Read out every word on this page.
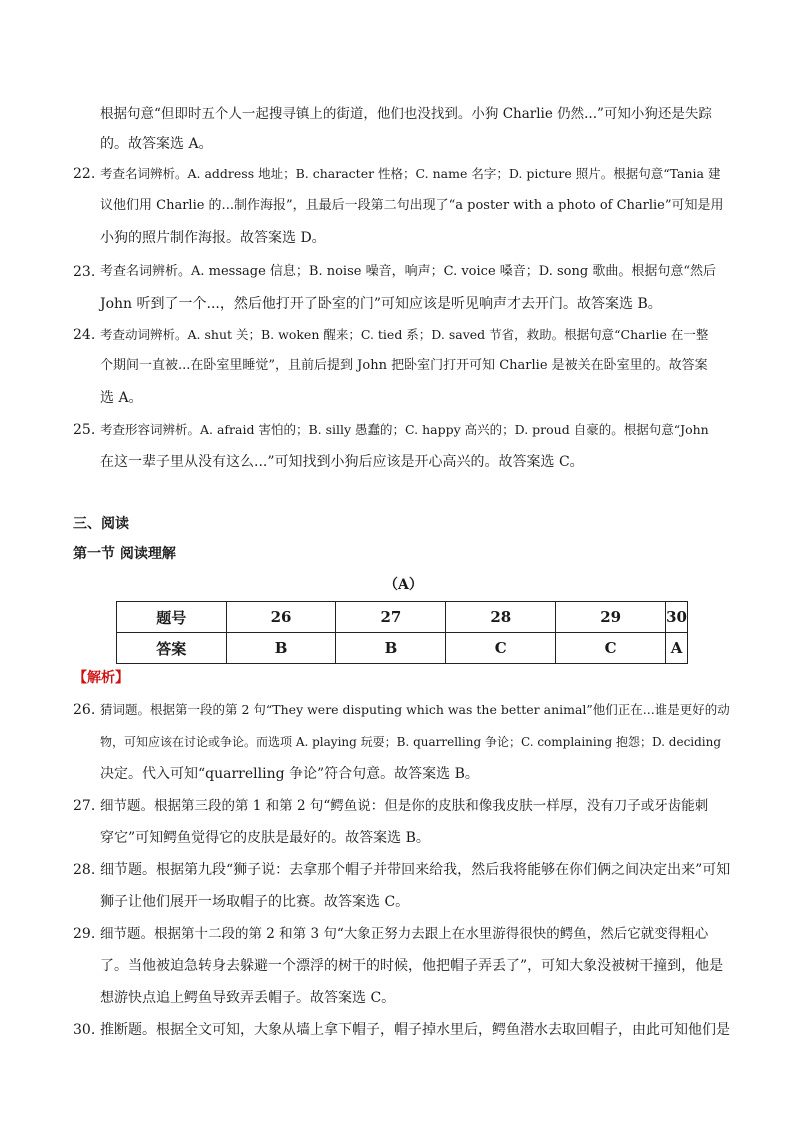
根据句意“但即时五个人一起搜寻镇上的街道，他们也没找到。小狗 Charlie 仍然...”可知小狗还是失踪
的。故答案选 A。
22. 考查名词辨析。A. address 地址；B. character 性格；C. name 名字；D. picture 照片。根据句意“Tania 建
议他们用 Charlie 的...制作海报”，且最后一段第二句出现了“a poster with a photo of Charlie”可知是用
小狗的照片制作海报。故答案选 D。
23. 考查名词辨析。A. message 信息；B. noise 噪音，响声；C. voice 嗓音；D. song 歌曲。根据句意“然后
John 听到了一个...，然后他打开了卧室的门”可知应该是听见响声才去开门。故答案选 B。
24. 考查动词辨析。A. shut 关；B. woken 醒来；C. tied 系；D. saved 节省，救助。根据句意“Charlie 在一整
个期间一直被...在卧室里睡觉”，且前后提到 John 把卧室门打开可知 Charlie 是被关在卧室里的。故答案
选 A。
25. 考查形容词辨析。A. afraid 害怕的；B. silly 愚蠢的；C. happy 高兴的；D. proud 自豪的。根据句意“John
在这一辈子里从没有这么...”可知找到小狗后应该是开心高兴的。故答案选 C。
三、阅读
第一节 阅读理解
（A）
题号	26	27	28	29	30
答案	B	B	C	C	A
【解析】
26. 猜词题。根据第一段的第 2 句“They were disputing which was the better animal”他们正在...谁是更好的动
物，可知应该在讨论或争论。而选项 A. playing 玩耍；B. quarrelling 争论；C. complaining 抱怨；D. deciding
决定。代入可知“quarrelling 争论”符合句意。故答案选 B。
27. 细节题。根据第三段的第 1 和第 2 句“鳄鱼说：但是你的皮肤和像我皮肤一样厚，没有刀子或牙齿能刺
穿它”可知鳄鱼觉得它的皮肤是最好的。故答案选 B。
28. 细节题。根据第九段“狮子说：去拿那个帽子并带回来给我，然后我将能够在你们俩之间决定出来”可知
狮子让他们展开一场取帽子的比赛。故答案选 C。
29. 细节题。根据第十二段的第 2 和第 3 句“大象正努力去跟上在水里游得很快的鳄鱼，然后它就变得粗心
了。当他被迫急转身去躲避一个漂浮的树干的时候，他把帽子弄丢了”，可知大象没被树干撞到，他是
想游快点追上鳄鱼导致弄丢帽子。故答案选 C。
30. 推断题。根据全文可知，大象从墙上拿下帽子，帽子掉水里后，鳄鱼潜水去取回帽子，由此可知他们是
